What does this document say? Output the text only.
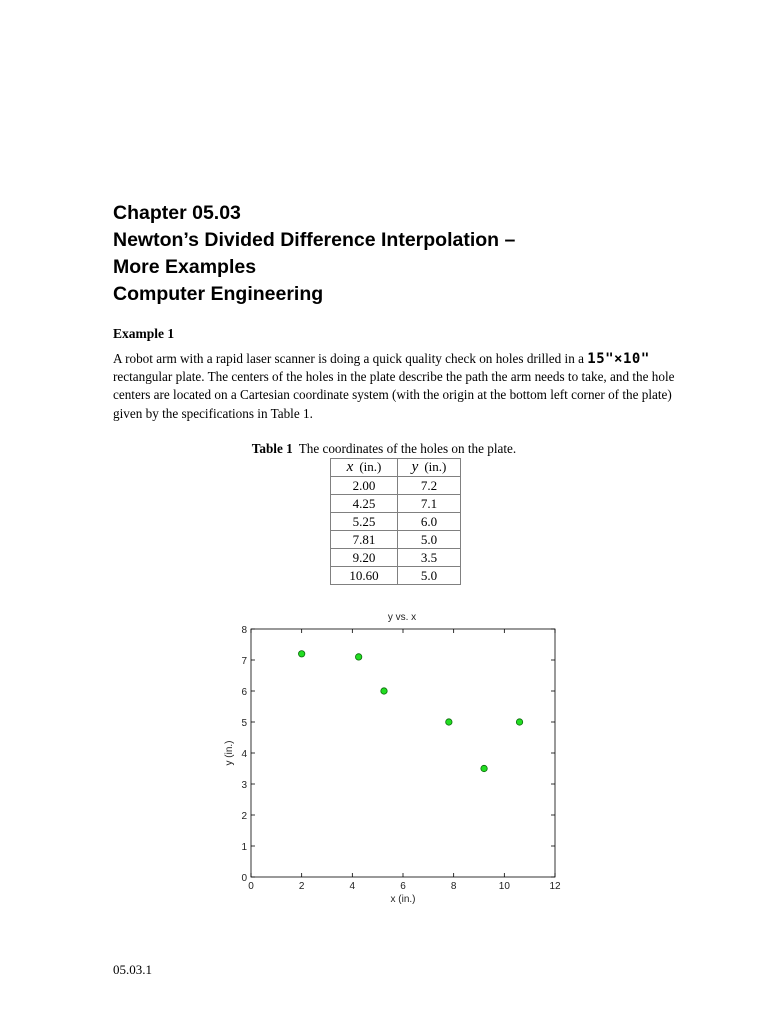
Chapter 05.03
Newton’s Divided Difference Interpolation –
More Examples
Computer Engineering
Example 1
A robot arm with a rapid laser scanner is doing a quick quality check on holes drilled in a 15"×10" rectangular plate. The centers of the holes in the plate describe the path the arm needs to take, and the hole centers are located on a Cartesian coordinate system (with the origin at the bottom left corner of the plate) given by the specifications in Table 1.
Table 1 The coordinates of the holes on the plate.
x (in.)	y (in.)
2.00	7.2
4.25	7.1
5.25	6.0
7.81	5.0
9.20	3.5
10.60	5.0
y vs. x
0	2	4	6	8	10	12
0
1
2
3
4
5
6
7
8
x (in.)
y (in.)
05.03.1
